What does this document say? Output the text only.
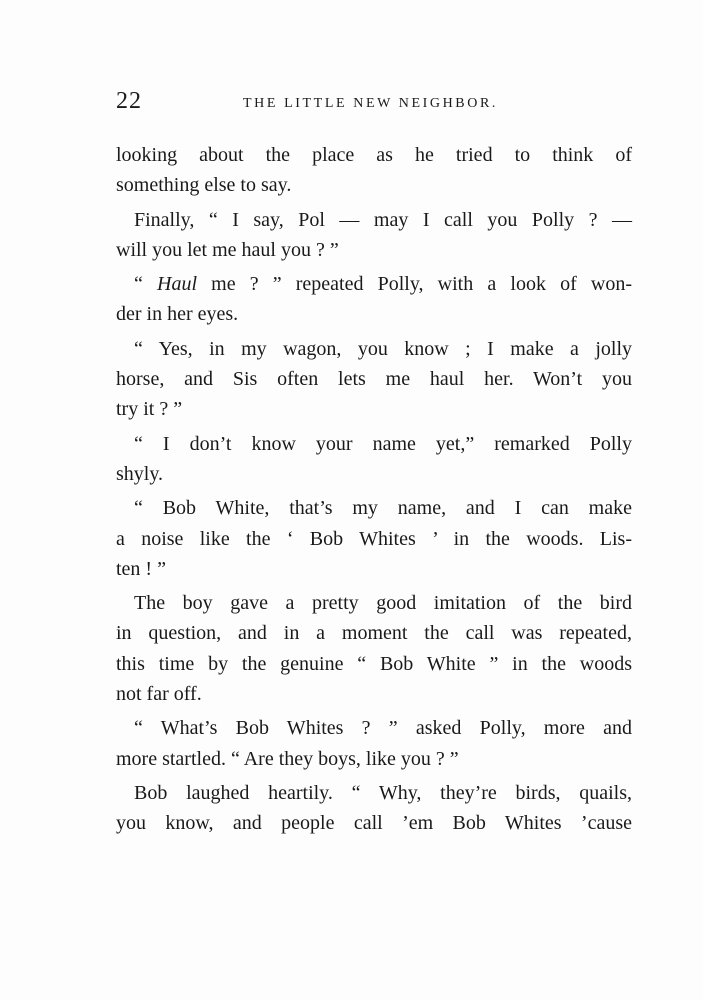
22	THE LITTLE NEW NEIGHBOR.
looking about the place as he tried to think of
something else to say.
Finally, “ I say, Pol — may I call you Polly ? —
will you let me haul you ? ”
“ Haul me ? ” repeated Polly, with a look of won-
der in her eyes.
“ Yes, in my wagon, you know ; I make a jolly
horse, and Sis often lets me haul her. Won’t you
try it ? ”
“ I don’t know your name yet,” remarked Polly
shyly.
“ Bob White, that’s my name, and I can make
a noise like the ‘ Bob Whites ’ in the woods. Lis-
ten ! ”
The boy gave a pretty good imitation of the bird
in question, and in a moment the call was repeated,
this time by the genuine “ Bob White ” in the woods
not far off.
“ What’s Bob Whites ? ” asked Polly, more and
more startled. “ Are they boys, like you ? ”
Bob laughed heartily. “ Why, they’re birds, quails,
you know, and people call ’em Bob Whites ’cause
